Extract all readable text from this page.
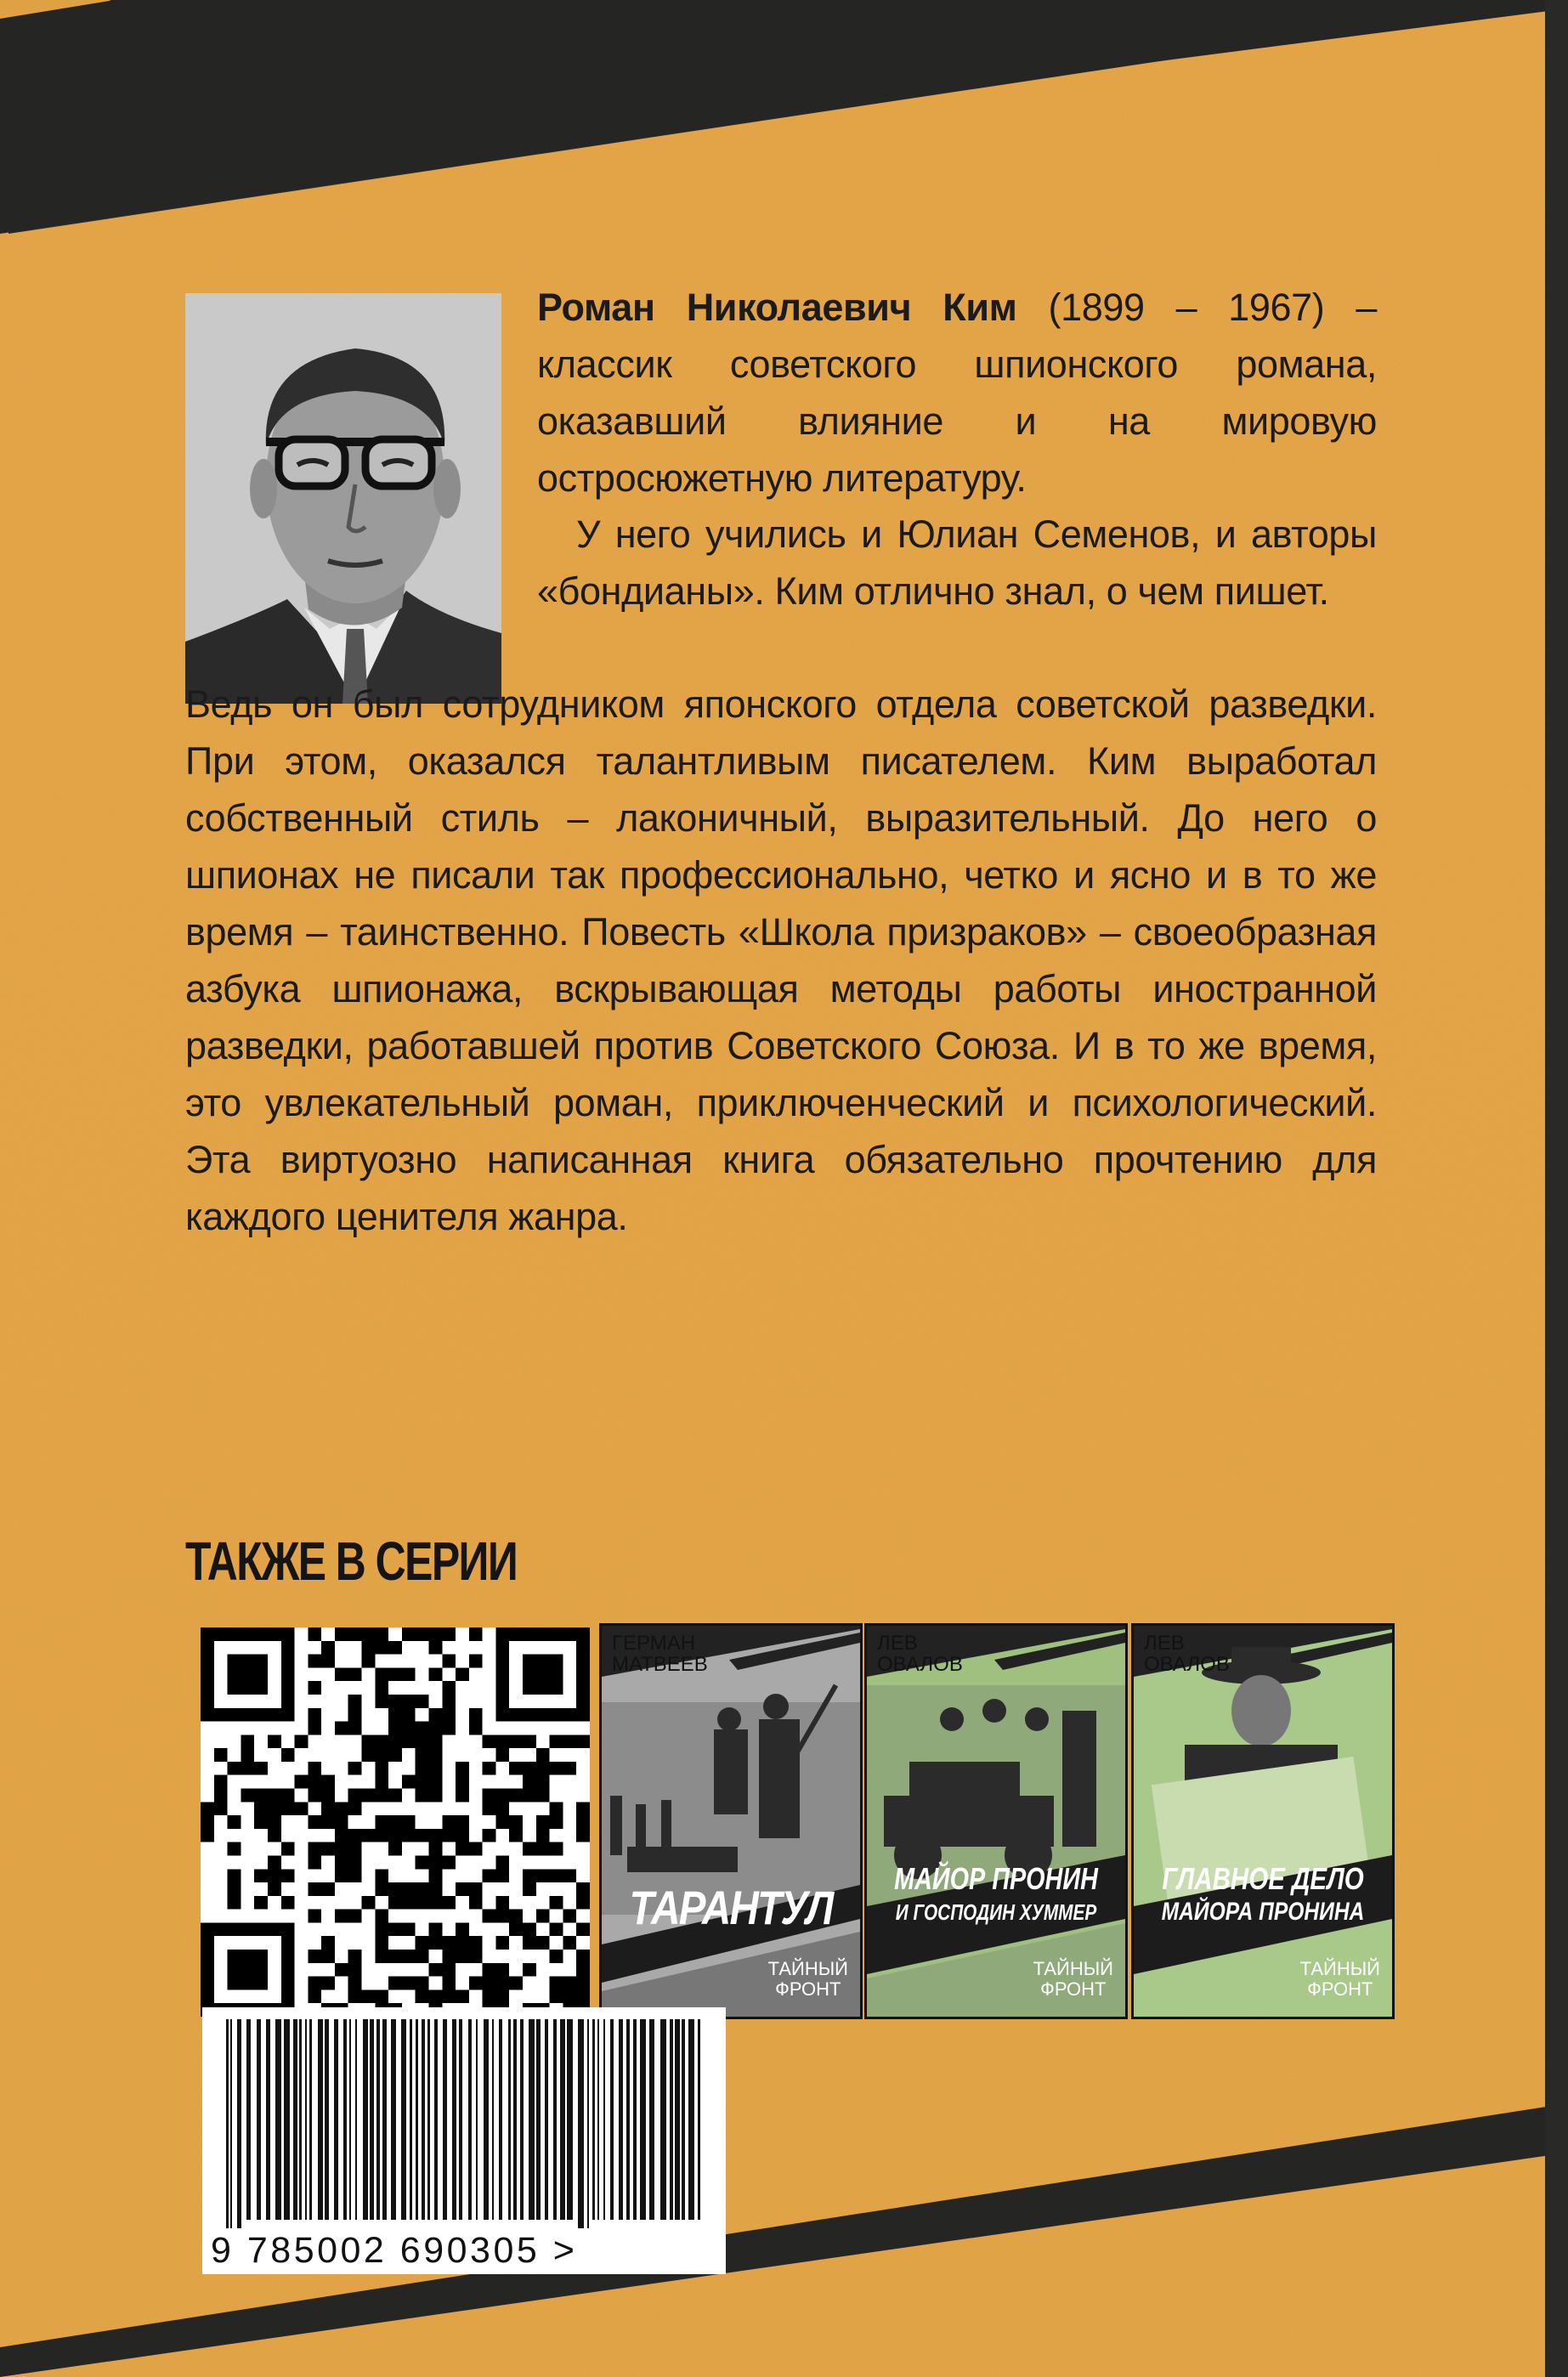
Роман Николаевич Ким (1899 – 1967) – классик советского шпионского романа, оказавший влияние и на мировую остросюжетную литературу.

У него учились и Юлиан Семенов, и авторы «бондианы». Ким отлично знал, о чем пишет.

Ведь он был сотрудником японского отдела советской разведки. При этом, оказался талантливым писателем. Ким выработал собственный стиль – лаконичный, выразительный. До него о шпионах не писали так профессионально, четко и ясно и в то же время – таинственно. Повесть «Школа призраков» – своеобразная азбука шпионажа, вскрывающая методы работы иностранной разведки, работавшей против Советского Союза. И в то же время, это увлекательный роман, приключенческий и психологический. Эта виртуозно написанная книга обязательно прочтению для каждого ценителя жанра.

ТАКЖЕ В СЕРИИ
ГЕРМАН
МАТВЕЕВ
ТАРАНТУЛ
ТАЙНЫЙ
ФРОНТ
ЛЕВ
ОВАЛОВ
МАЙОР ПРОНИН
И ГОСПОДИН ХУММЕР
ТАЙНЫЙ
ФРОНТ
ЛЕВ
ОВАЛОВ
ГЛАВНОЕ ДЕЛО
МАЙОРА ПРОНИНА
ТАЙНЫЙ
ФРОНТ
9 785002 690305 >
